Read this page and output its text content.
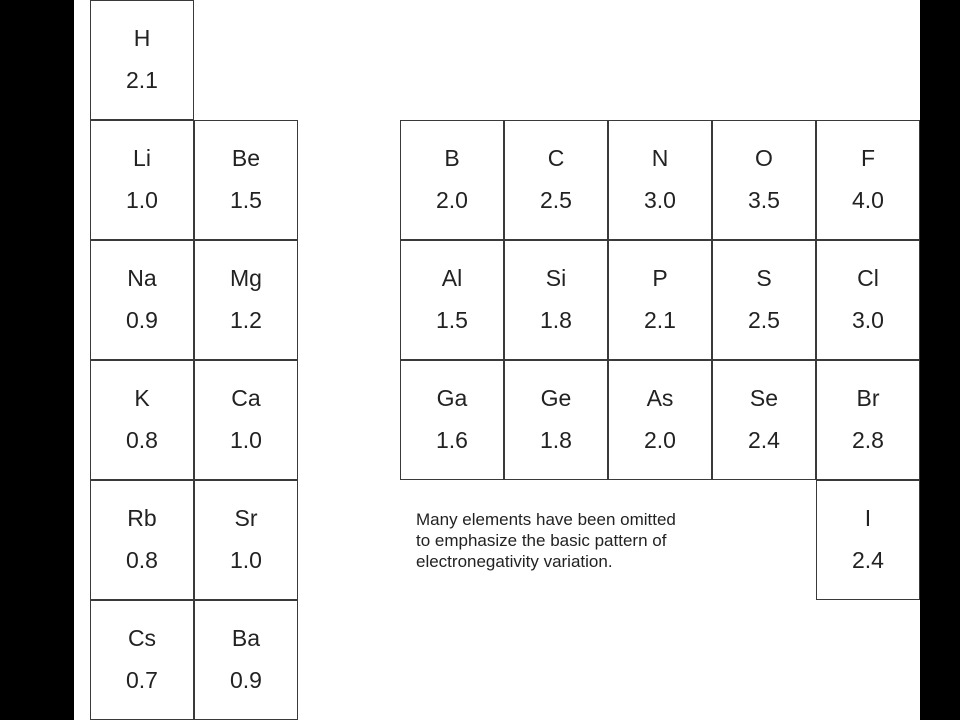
H
2.1
Li
1.0
Na
0.9
K
0.8
Rb
0.8
Cs
0.7
Be
1.5
Mg
1.2
Ca
1.0
Sr
1.0
Ba
0.9
B
2.0
Al
1.5
Ga
1.6
C
2.5
Si
1.8
Ge
1.8
N
3.0
P
2.1
As
2.0
O
3.5
S
2.5
Se
2.4
F
4.0
Cl
3.0
Br
2.8
I
2.4
Many elements have been omitted
to emphasize the basic pattern of
electronegativity variation.
